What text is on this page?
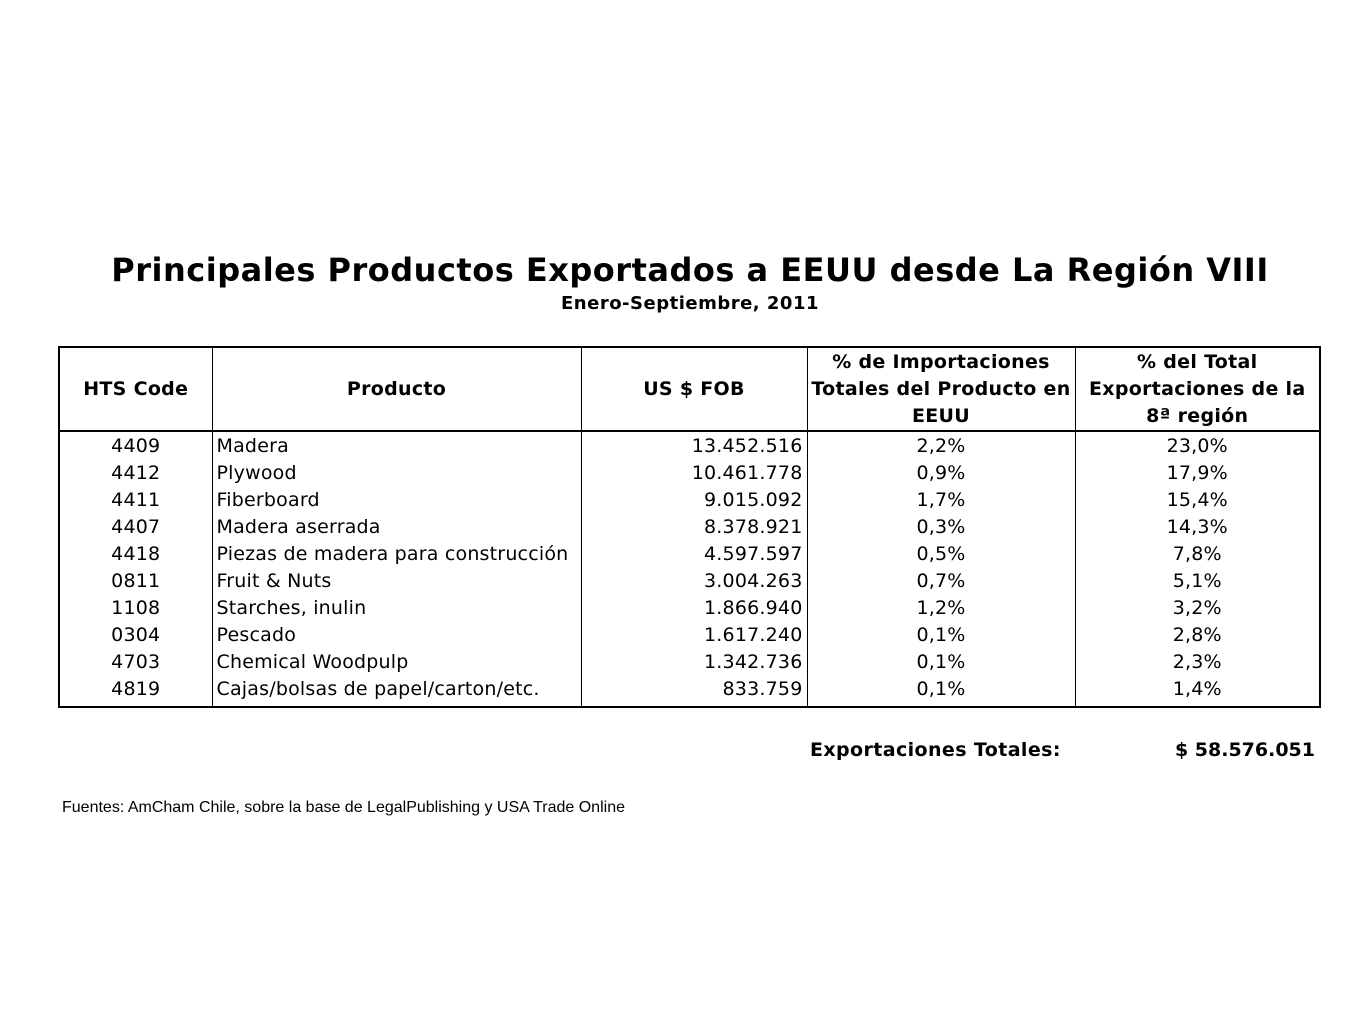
Principales Productos Exportados a EEUU desde La Región VIII
Enero-Septiembre, 2011
HTS Code	Producto	US $ FOB	% de Importaciones Totales del Producto en EEUU	% del Total Exportaciones de la 8ª región
4409	Madera	13.452.516	2,2%	23,0%
4412	Plywood	10.461.778	0,9%	17,9%
4411	Fiberboard	9.015.092	1,7%	15,4%
4407	Madera aserrada	8.378.921	0,3%	14,3%
4418	Piezas de madera para construcción	4.597.597	0,5%	7,8%
0811	Fruit & Nuts	3.004.263	0,7%	5,1%
1108	Starches, inulin	1.866.940	1,2%	3,2%
0304	Pescado	1.617.240	0,1%	2,8%
4703	Chemical Woodpulp	1.342.736	0,1%	2,3%
4819	Cajas/bolsas de papel/carton/etc.	833.759	0,1%	1,4%
Exportaciones Totales:	$ 58.576.051
Fuentes: AmCham Chile, sobre la base de LegalPublishing y USA Trade Online
